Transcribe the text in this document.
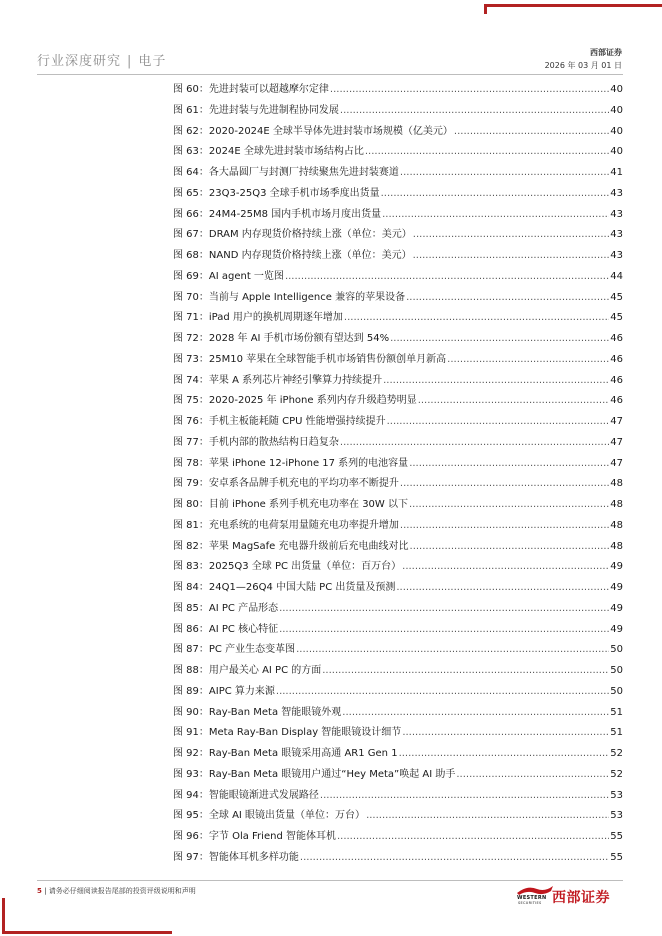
行业深度研究 | 电子
西部证券
2026 年 03 月 01 日
图 60：先进封装可以超越摩尔定律 .....	40
图 61：先进封装与先进制程协同发展 .....	40
图 62：2020-2024E 全球半导体先进封装市场规模（亿美元） .....	40
图 63：2024E 全球先进封装市场结构占比 .....	40
图 64：各大晶圆厂与封测厂持续聚焦先进封装赛道 .....	41
图 65：23Q3-25Q3 全球手机市场季度出货量 .....	43
图 66：24M4-25M8 国内手机市场月度出货量 .....	43
图 67：DRAM 内存现货价格持续上涨（单位：美元） .....	43
图 68：NAND 内存现货价格持续上涨（单位：美元） .....	43
图 69：AI agent 一览图 .....	44
图 70：当前与 Apple Intelligence 兼容的苹果设备 .....	45
图 71：iPad 用户的换机周期逐年增加 .....	45
图 72：2028 年 AI 手机市场份额有望达到 54% .....	46
图 73：25M10 苹果在全球智能手机市场销售份额创单月新高 .....	46
图 74：苹果 A 系列芯片神经引擎算力持续提升 .....	46
图 75：2020-2025 年 iPhone 系列内存升级趋势明显 .....	46
图 76：手机主板能耗随 CPU 性能增强持续提升 .....	47
图 77：手机内部的散热结构日趋复杂 .....	47
图 78：苹果 iPhone 12-iPhone 17 系列的电池容量 .....	47
图 79：安卓系各品牌手机充电的平均功率不断提升 .....	48
图 80：目前 iPhone 系列手机充电功率在 30W 以下 .....	48
图 81：充电系统的电荷泵用量随充电功率提升增加 .....	48
图 82：苹果 MagSafe 充电器升级前后充电曲线对比 .....	48
图 83：2025Q3 全球 PC 出货量（单位：百万台） .....	49
图 84：24Q1—26Q4 中国大陆 PC 出货量及预测 .....	49
图 85：AI PC 产品形态 .....	49
图 86：AI PC 核心特征 .....	49
图 87：PC 产业生态变革图 .....	50
图 88：用户最关心 AI PC 的方面 .....	50
图 89：AIPC 算力来源 .....	50
图 90：Ray-Ban Meta 智能眼镜外观 .....	51
图 91：Meta Ray-Ban Display 智能眼镜设计细节 .....	51
图 92：Ray-Ban Meta 眼镜采用高通 AR1 Gen 1 .....	52
图 93：Ray-Ban Meta 眼镜用户通过“Hey Meta”唤起 AI 助手 .....	52
图 94：智能眼镜渐进式发展路径 .....	53
图 95：全球 AI 眼镜出货量（单位：万台） .....	53
图 96：字节 Ola Friend 智能体耳机 .....	55
图 97：智能体耳机多样功能 .....	55
5 | 请务必仔细阅读报告尾部的投资评级说明和声明
WESTERN
SECURITIES 西部证券
